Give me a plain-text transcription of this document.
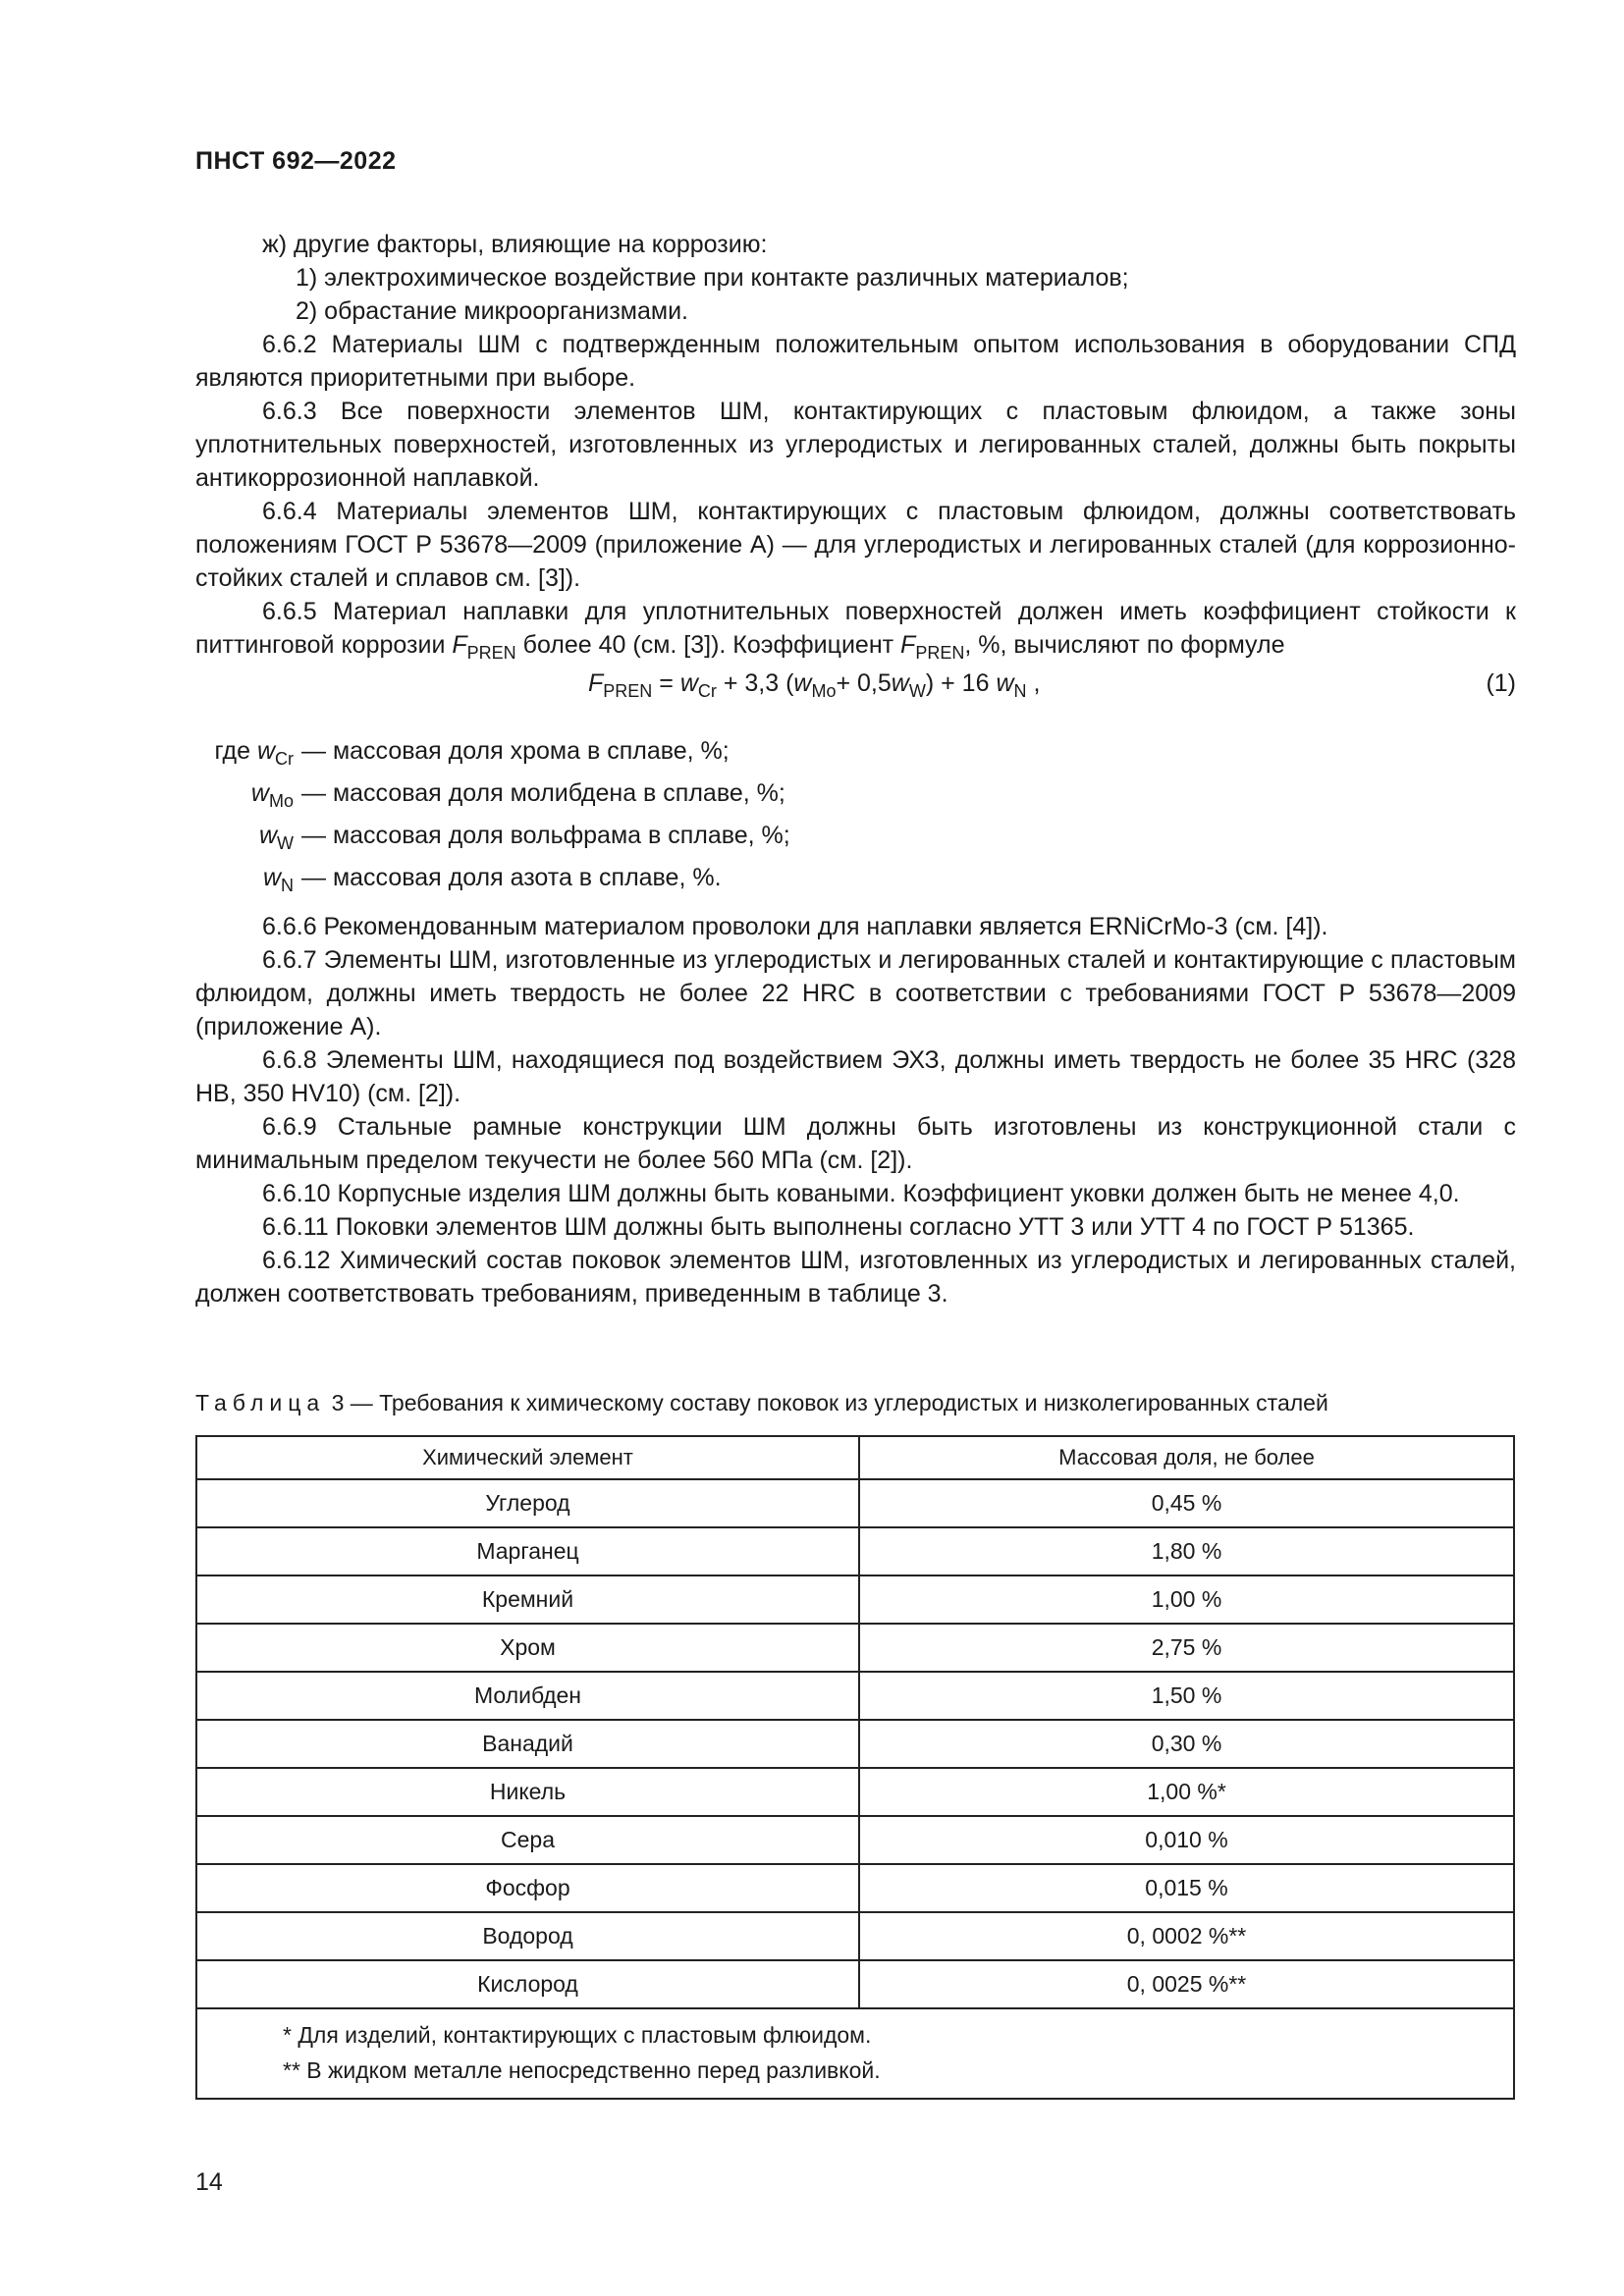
ПНСТ 692—2022
ж) другие факторы, влияющие на коррозию:
1) электрохимическое воздействие при контакте различных материалов;
2) обрастание микроорганизмами.

6.6.2 Материалы ШМ с подтвержденным положительным опытом использования в оборудовании СПД являются приоритетными при выборе.

6.6.3 Все поверхности элементов ШМ, контактирующих с пластовым флюидом, а также зоны уплотнительных поверхностей, изготовленных из углеродистых и легированных сталей, должны быть покрыты антикоррозионной наплавкой.

6.6.4 Материалы элементов ШМ, контактирующих с пластовым флюидом, должны соответствовать положениям ГОСТ Р 53678—2009 (приложение А) — для углеродистых и легированных сталей (для коррозионно-стойких сталей и сплавов см. [3]).

6.6.5 Материал наплавки для уплотнительных поверхностей должен иметь коэффициент стойкости к питтинговой коррозии $F_{PREN}$ более 40 (см. [3]). Коэффициент $F_{PREN}$, %, вычисляют по формуле

$F_{PREN} = w_{Cr} + 3,3$ $(w_{Mo}+ 0,5w_W) + 16$ $w_N$ ,	(1)
где $w_{Cr}$ — массовая доля хрома в сплаве, %;
$w_{Mo}$ — массовая доля молибдена в сплаве, %;
$w_W$ — массовая доля вольфрама в сплаве, %;
$w_N$ — массовая доля азота в сплаве, %.

6.6.6 Рекомендованным материалом проволоки для наплавки является ERNiCrMo-3 (см. [4]).

6.6.7 Элементы ШМ, изготовленные из углеродистых и легированных сталей и контактирующие с пластовым флюидом, должны иметь твердость не более 22 HRC в соответствии с требованиями ГОСТ Р 53678—2009 (приложение А).

6.6.8 Элементы ШМ, находящиеся под воздействием ЭХЗ, должны иметь твердость не более 35 HRC (328 HB, 350 HV10) (см. [2]).

6.6.9 Стальные рамные конструкции ШМ должны быть изготовлены из конструкционной стали с минимальным пределом текучести не более 560 МПа (см. [2]).

6.6.10 Корпусные изделия ШМ должны быть коваными. Коэффициент уковки должен быть не менее 4,0.

6.6.11 Поковки элементов ШМ должны быть выполнены согласно УТТ 3 или УТТ 4 по ГОСТ Р 51365.

6.6.12 Химический состав поковок элементов ШМ, изготовленных из углеродистых и легированных сталей, должен соответствовать требованиям, приведенным в таблице 3.

Таблица 3 — Требования к химическому составу поковок из углеродистых и низколегированных сталей
Химический элемент	Массовая доля, не более
Углерод	0,45 %
Марганец	1,80 %
Кремний	1,00 %
Хром	2,75 %
Молибден	1,50 %
Ванадий	0,30 %
Никель	1,00 %*
Сера	0,010 %
Фосфор	0,015 %
Водород	0, 0002 %**
Кислород	0, 0025 %**

* Для изделий, контактирующих с пластовым флюидом.
** В жидком металле непосредственно перед разливкой.	
14
